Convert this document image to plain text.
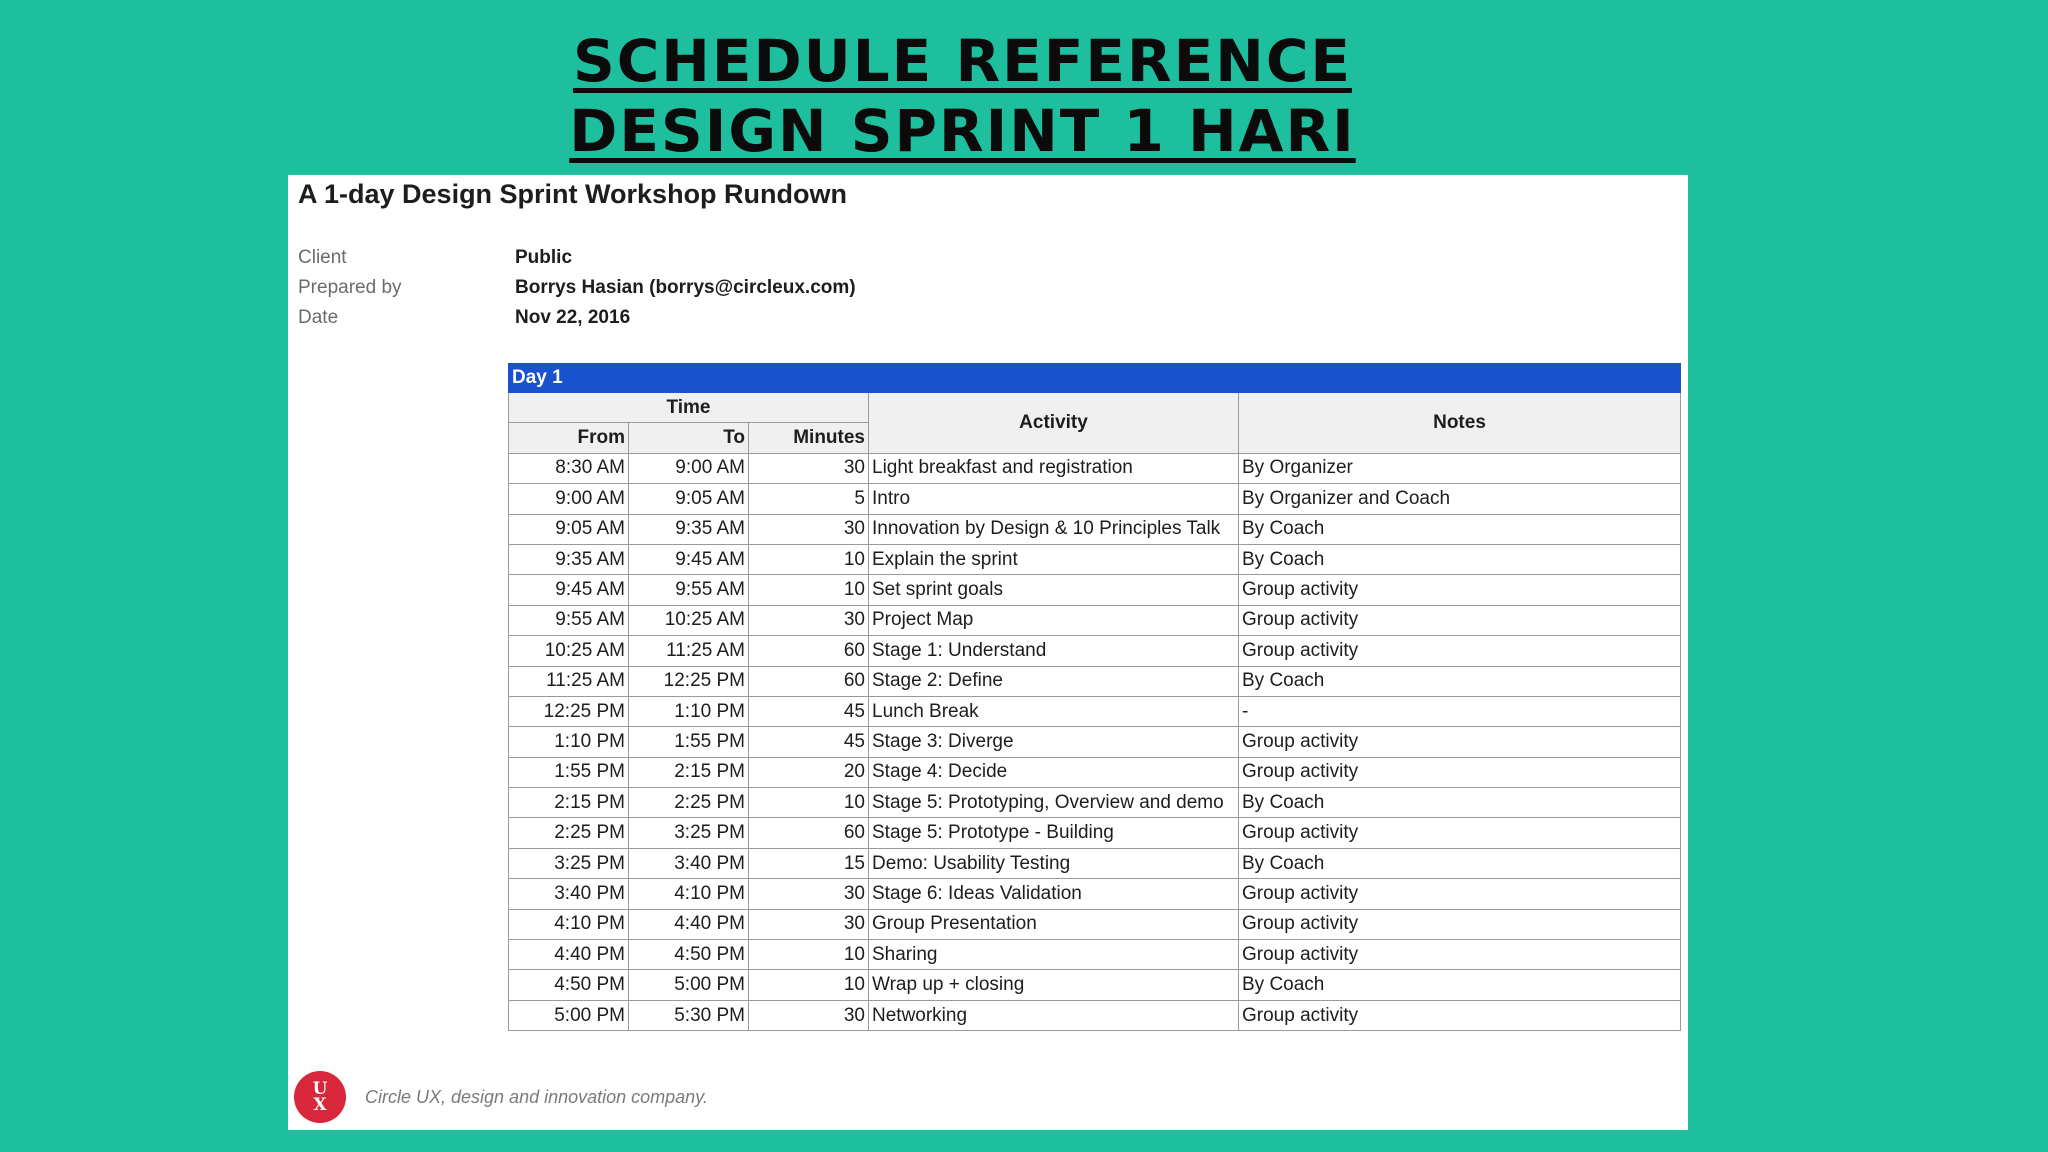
SCHEDULE REFERENCE
DESIGN SPRINT 1 HARI
A 1-day Design Sprint Workshop Rundown
Client	Public
Prepared by	Borrys Hasian (borrys@circleux.com)
Date	Nov 22, 2016
Day 1				
Time			Activity	Notes
From	To	Minutes		
8:30 AM	9:00 AM	30	Light breakfast and registration	By Organizer
9:00 AM	9:05 AM	5	Intro	By Organizer and Coach
9:05 AM	9:35 AM	30	Innovation by Design & 10 Principles Talk	By Coach
9:35 AM	9:45 AM	10	Explain the sprint	By Coach
9:45 AM	9:55 AM	10	Set sprint goals	Group activity
9:55 AM	10:25 AM	30	Project Map	Group activity
10:25 AM	11:25 AM	60	Stage 1: Understand	Group activity
11:25 AM	12:25 PM	60	Stage 2: Define	By Coach
12:25 PM	1:10 PM	45	Lunch Break	-
1:10 PM	1:55 PM	45	Stage 3: Diverge	Group activity
1:55 PM	2:15 PM	20	Stage 4: Decide	Group activity
2:15 PM	2:25 PM	10	Stage 5: Prototyping, Overview and demo	By Coach
2:25 PM	3:25 PM	60	Stage 5: Prototype - Building	Group activity
3:25 PM	3:40 PM	15	Demo: Usability Testing	By Coach
3:40 PM	4:10 PM	30	Stage 6: Ideas Validation	Group activity
4:10 PM	4:40 PM	30	Group Presentation	Group activity
4:40 PM	4:50 PM	10	Sharing	Group activity
4:50 PM	5:00 PM	10	Wrap up + closing	By Coach
5:00 PM	5:30 PM	30	Networking	Group activity
U
X Circle UX, design and innovation company.
